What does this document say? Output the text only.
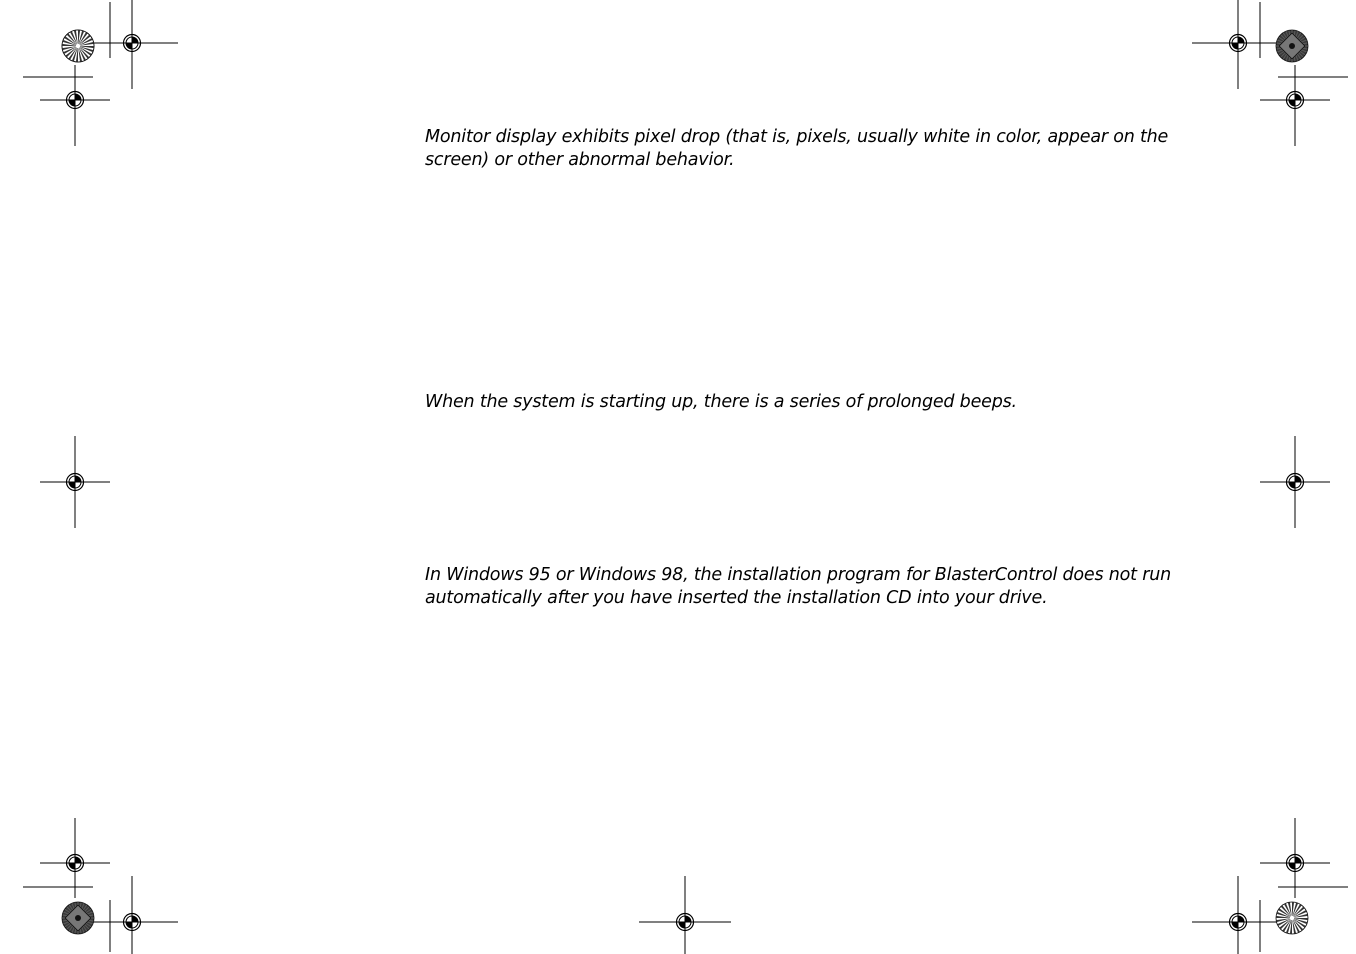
Monitor display exhibits pixel drop (that is, pixels, usually white in color, appear on the screen) or other abnormal behavior.

When the system is starting up, there is a series of prolonged beeps.

In Windows 95 or Windows 98, the installation program for BlasterControl does not run automatically after you have inserted the installation CD into your drive.
